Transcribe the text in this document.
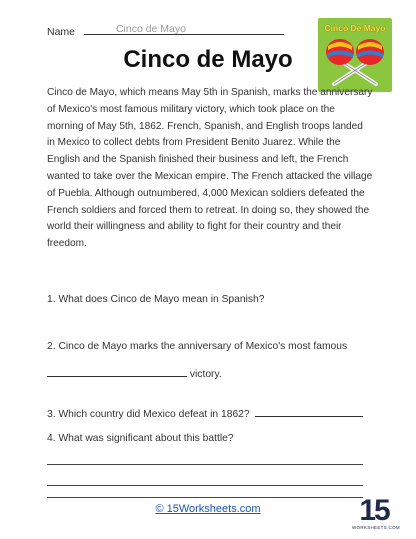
Name	Cinco de Mayo
Cinco de Mayo
Cinco De Mayo

Cinco de Mayo, which means May 5th in Spanish, marks the anniversary of Mexico's most famous military victory, which took place on the morning of May 5th, 1862. French, Spanish, and English troops landed in Mexico to collect debts from President Benito Juarez. While the English and the Spanish finished their business and left, the French wanted to take over the Mexican empire. The French attacked the village of Puebla. Although outnumbered, 4,000 Mexican soldiers defeated the French soldiers and forced them to retreat. In doing so, they showed the world their willingness and ability to fight for their country and their freedom.

1. What does Cinco de Mayo mean in Spanish?
2. Cinco de Mayo marks the anniversary of Mexico's most famous
victory.
3. Which country did Mexico defeat in 1862?
4. What was significant about this battle?
© 15Worksheets.com	15
WORKSHEETS.COM
